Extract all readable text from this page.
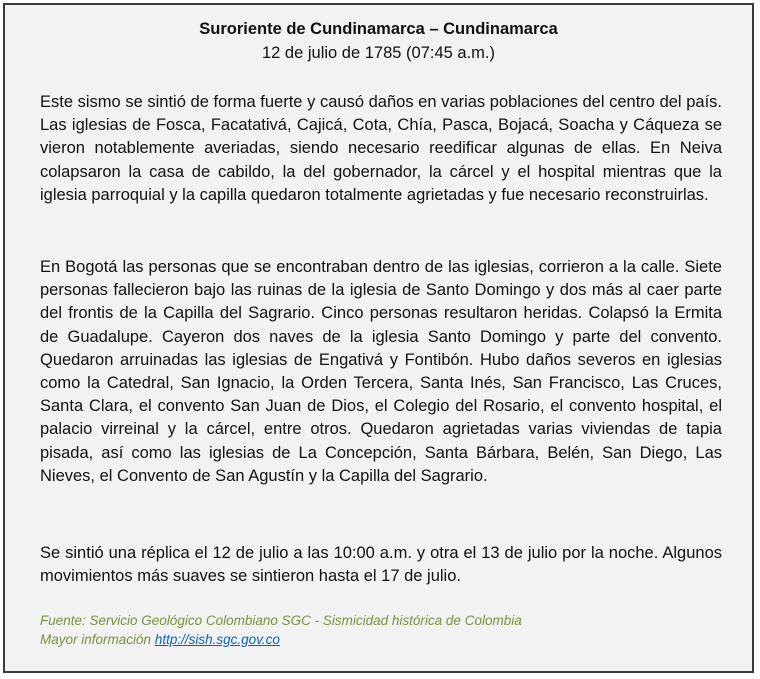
Suroriente de Cundinamarca – Cundinamarca

12 de julio de 1785 (07:45 a.m.)

Este sismo se sintió de forma fuerte y causó daños en varias poblaciones del centro del país. Las iglesias de Fosca, Facatativá, Cajicá, Cota, Chía, Pasca, Bojacá, Soacha y Cáqueza se vieron notablemente averiadas, siendo necesario reedificar algunas de ellas. En Neiva colapsaron la casa de cabildo, la del gobernador, la cárcel y el hospital mientras que la iglesia parroquial y la capilla quedaron totalmente agrietadas y fue necesario reconstruirlas.

En Bogotá las personas que se encontraban dentro de las iglesias, corrieron a la calle. Siete personas fallecieron bajo las ruinas de la iglesia de Santo Domingo y dos más al caer parte del frontis de la Capilla del Sagrario. Cinco personas resultaron heridas. Colapsó la Ermita de Guadalupe. Cayeron dos naves de la iglesia Santo Domingo y parte del convento. Quedaron arruinadas las iglesias de Engativá y Fontibón. Hubo daños severos en iglesias como la Catedral, San Ignacio, la Orden Tercera, Santa Inés, San Francisco, Las Cruces, Santa Clara, el convento San Juan de Dios, el Colegio del Rosario, el convento hospital, el palacio virreinal y la cárcel, entre otros. Quedaron agrietadas varias viviendas de tapia pisada, así como las iglesias de La Concepción, Santa Bárbara, Belén, San Diego, Las Nieves, el Convento de San Agustín y la Capilla del Sagrario.

Se sintió una réplica el 12 de julio a las 10:00 a.m. y otra el 13 de julio por la noche. Algunos movimientos más suaves se sintieron hasta el 17 de julio.

Fuente: Servicio Geológico Colombiano SGC - Sismicidad histórica de Colombia

Mayor información http://sish.sgc.gov.co
